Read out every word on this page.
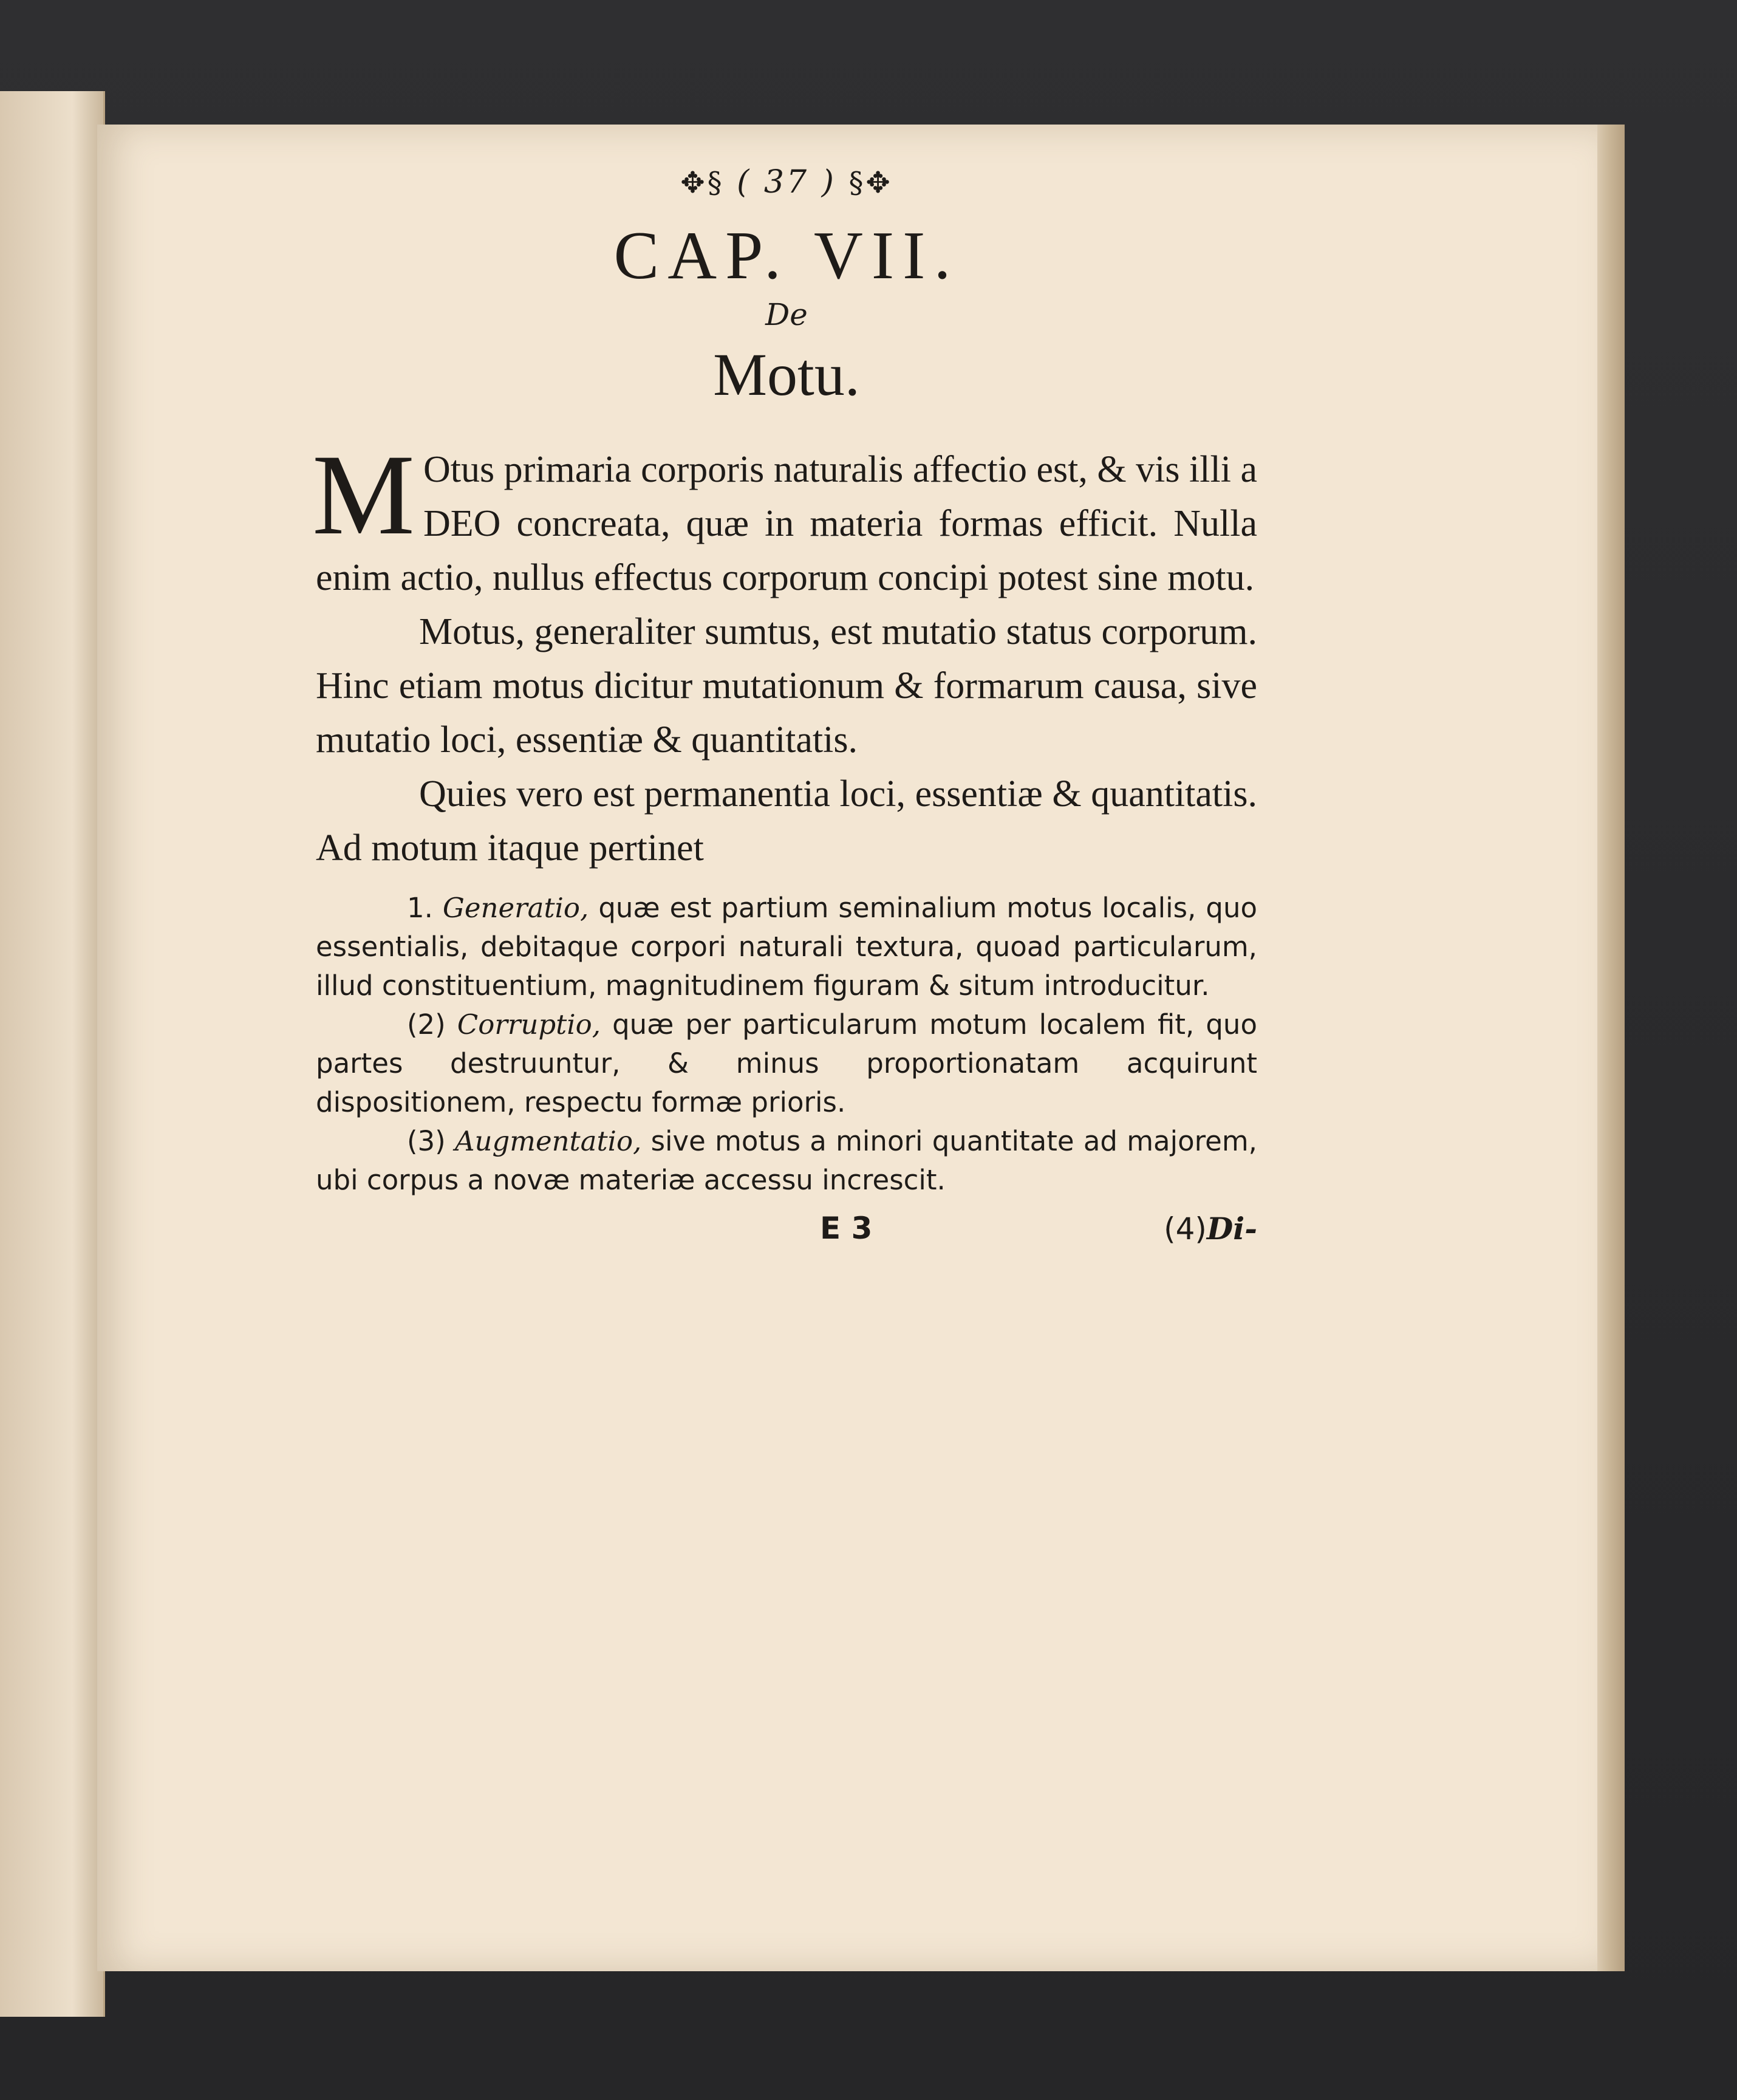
✥§ ( 37 ) §✥
CAP. VII.
De
Motu.

M Otus primaria corporis naturalis affectio est, & vis illi a DEO concreata, quæ in materia formas efficit. Nulla enim actio, nullus effectus corporum concipi potest sine motu.

Motus, generaliter sumtus, est mutatio status corporum. Hinc etiam motus dicitur mutationum & formarum causa, sive mutatio loci, essentiæ & quantitatis.

Quies vero est permanentia loci, essentiæ & quantitatis. Ad motum itaque pertinet

1. Generatio, quæ est partium seminalium motus localis, quo essentialis, debitaque corpori naturali textura, quoad particularum, illud constituentium, magnitudinem figuram & situm introducitur.

(2) Corruptio, quæ per particularum motum localem fit, quo partes destruuntur, & minus proportionatam acquirunt dispositionem, respectu formæ prioris.

(3) Augmentatio, sive motus a minori quantitate ad majorem, ubi corpus a novæ materiæ accessu increscit.

E 3	(4)Di-
